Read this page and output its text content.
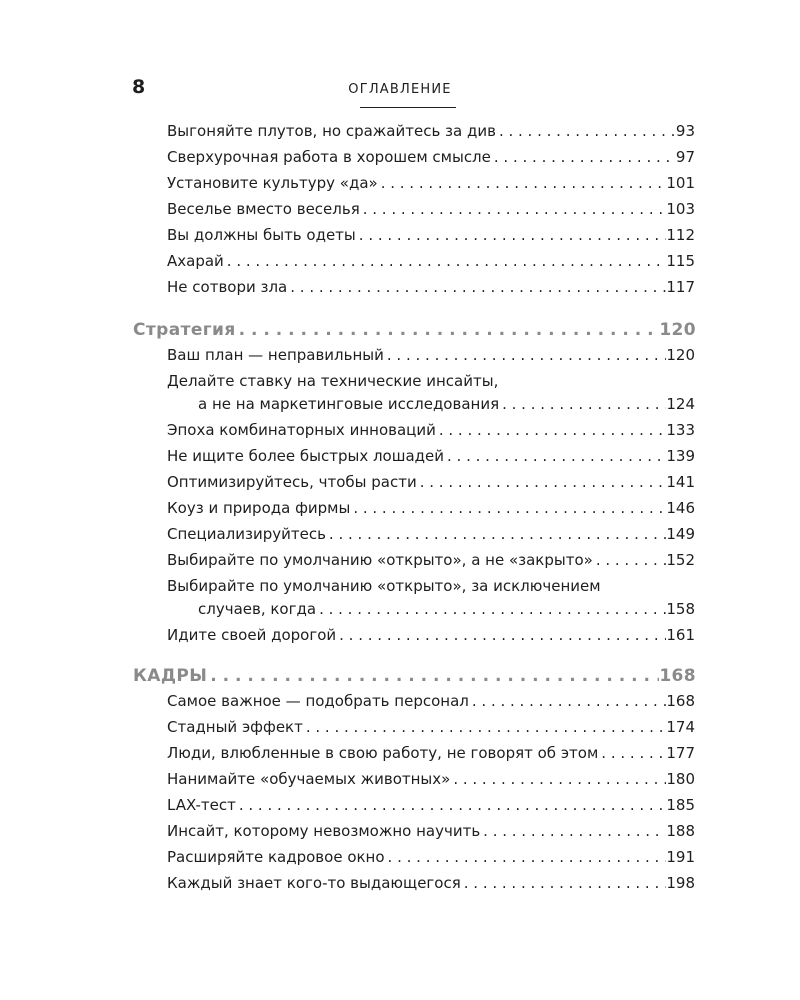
8	ОГЛАВЛЕНИЕ
Выгоняйте плутов, но сражайтесь за див . . .	93
Сверхурочная работа в хорошем смысле . . .	97
Установите культуру «да» . . .	101
Веселье вместо веселья . . .	103
Вы должны быть одеты . . .	112
Ахарай . . .	115
Не сотвори зла . . .	117
Стратегия . . .	120
Ваш план — неправильный . . .	120
Делайте ставку на технические инсайты,
а не на маркетинговые исследования . . .	124
Эпоха комбинаторных инноваций . . .	133
Не ищите более быстрых лошадей . . .	139
Оптимизируйтесь, чтобы расти . . .	141
Коуз и природа фирмы . . .	146
Специализируйтесь . . .	149
Выбирайте по умолчанию «открыто», а не «закрыто» . . .	152
Выбирайте по умолчанию «открыто», за исключением
случаев, когда . . .	158
Идите своей дорогой . . .	161
КАДРЫ . . .	168
Самое важное — подобрать персонал . . .	168
Стадный эффект . . .	174
Люди, влюбленные в свою работу, не говорят об этом . . .	177
Нанимайте «обучаемых животных» . . .	180
LAX-тест . . .	185
Инсайт, которому невозможно научить . . .	188
Расширяйте кадровое окно . . .	191
Каждый знает кого-то выдающегося . . .	198
